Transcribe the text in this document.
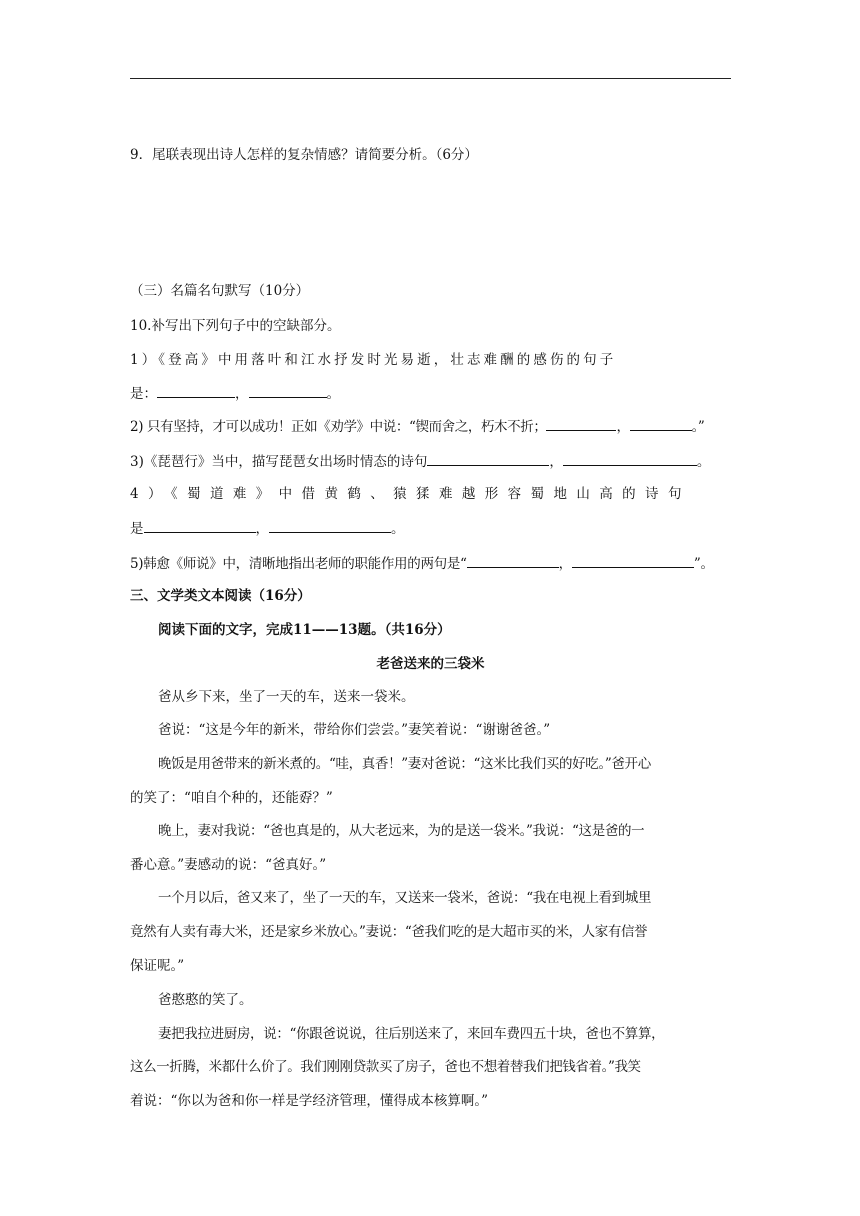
9．尾联表现出诗人怎样的复杂情感？请简要分析。（6分）

（三）名篇名句默写（10分）

10.补写出下列句子中的空缺部分。

1）《登高》中用落叶和江水抒发时光易逝，壮志难酬的感伤的句子
是：	，	。
2) 只有坚持，才可以成功！正如《劝学》中说：“锲而舍之，朽木不折；	，	。”
3)《琵琶行》当中，描写琵琶女出场时情态的诗句	，	。
4）《蜀道难》中借黄鹤、猿猱难越形容蜀地山高的诗句
是	，	。
5)韩愈《师说》中，清晰地指出老师的职能作用的两句是“	，	”。

三、文学类文本阅读（16分）

阅读下面的文字，完成11——13题。（共16分）

老爸送来的三袋米

爸从乡下来，坐了一天的车，送来一袋米。

爸说：“这是今年的新米，带给你们尝尝。”妻笑着说：“谢谢爸爸。”

晚饭是用爸带来的新米煮的。“哇，真香！”妻对爸说：“这米比我们买的好吃。”爸开心

的笑了：“咱自个种的，还能孬？”

晚上，妻对我说：“爸也真是的，从大老远来，为的是送一袋米。”我说：“这是爸的一

番心意。”妻感动的说：“爸真好。”

一个月以后，爸又来了，坐了一天的车，又送来一袋米，爸说：“我在电视上看到城里

竟然有人卖有毒大米，还是家乡米放心。”妻说：“爸我们吃的是大超市买的米，人家有信誉

保证呢。”

爸憨憨的笑了。

妻把我拉进厨房，说：“你跟爸说说，往后别送来了，来回车费四五十块，爸也不算算，

这么一折腾，米都什么价了。我们刚刚贷款买了房子，爸也不想着替我们把钱省着。”我笑

着说：“你以为爸和你一样是学经济管理，懂得成本核算啊。”
